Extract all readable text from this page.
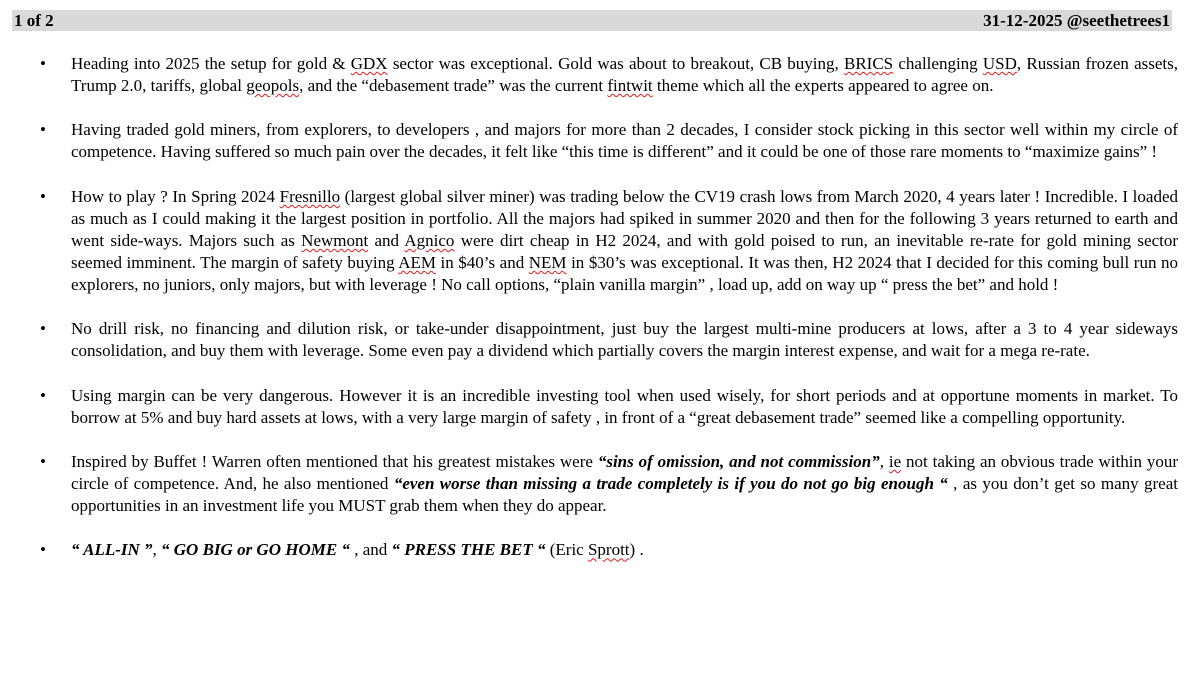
1 of 2	31-12-2025 @seethetrees1
• Heading into 2025 the setup for gold & GDX sector was exceptional. Gold was about to breakout, CB buying, BRICS challenging USD, Russian frozen assets, Trump 2.0, tariffs, global geopols, and the “debasement trade” was the current fintwit theme which all the experts appeared to agree on.
• Having traded gold miners, from explorers, to developers , and majors for more than 2 decades, I consider stock picking in this sector well within my circle of competence. Having suffered so much pain over the decades, it felt like “this time is different” and it could be one of those rare moments to “maximize gains” !
• How to play ? In Spring 2024 Fresnillo (largest global silver miner) was trading below the CV19 crash lows from March 2020, 4 years later ! Incredible. I loaded as much as I could making it the largest position in portfolio. All the majors had spiked in summer 2020 and then for the following 3 years returned to earth and went side-ways. Majors such as Newmont and Agnico were dirt cheap in H2 2024, and with gold poised to run, an inevitable re-rate for gold mining sector seemed imminent. The margin of safety buying AEM in $40’s and NEM in $30’s was exceptional. It was then, H2 2024 that I decided for this coming bull run no explorers, no juniors, only majors, but with leverage ! No call options, “plain vanilla margin” , load up, add on way up “ press the bet” and hold !
• No drill risk, no financing and dilution risk, or take-under disappointment, just buy the largest multi-mine producers at lows, after a 3 to 4 year sideways consolidation, and buy them with leverage. Some even pay a dividend which partially covers the margin interest expense, and wait for a mega re-rate.
• Using margin can be very dangerous. However it is an incredible investing tool when used wisely, for short periods and at opportune moments in market. To borrow at 5% and buy hard assets at lows, with a very large margin of safety , in front of a “great debasement trade” seemed like a compelling opportunity.
• Inspired by Buffet ! Warren often mentioned that his greatest mistakes were “sins of omission, and not commission”, ie not taking an obvious trade within your circle of competence. And, he also mentioned “even worse than missing a trade completely is if you do not go big enough “ , as you don’t get so many great opportunities in an investment life you MUST grab them when they do appear.
• “ ALL-IN ”, “ GO BIG or GO HOME “ , and “ PRESS THE BET “ (Eric Sprott) .
